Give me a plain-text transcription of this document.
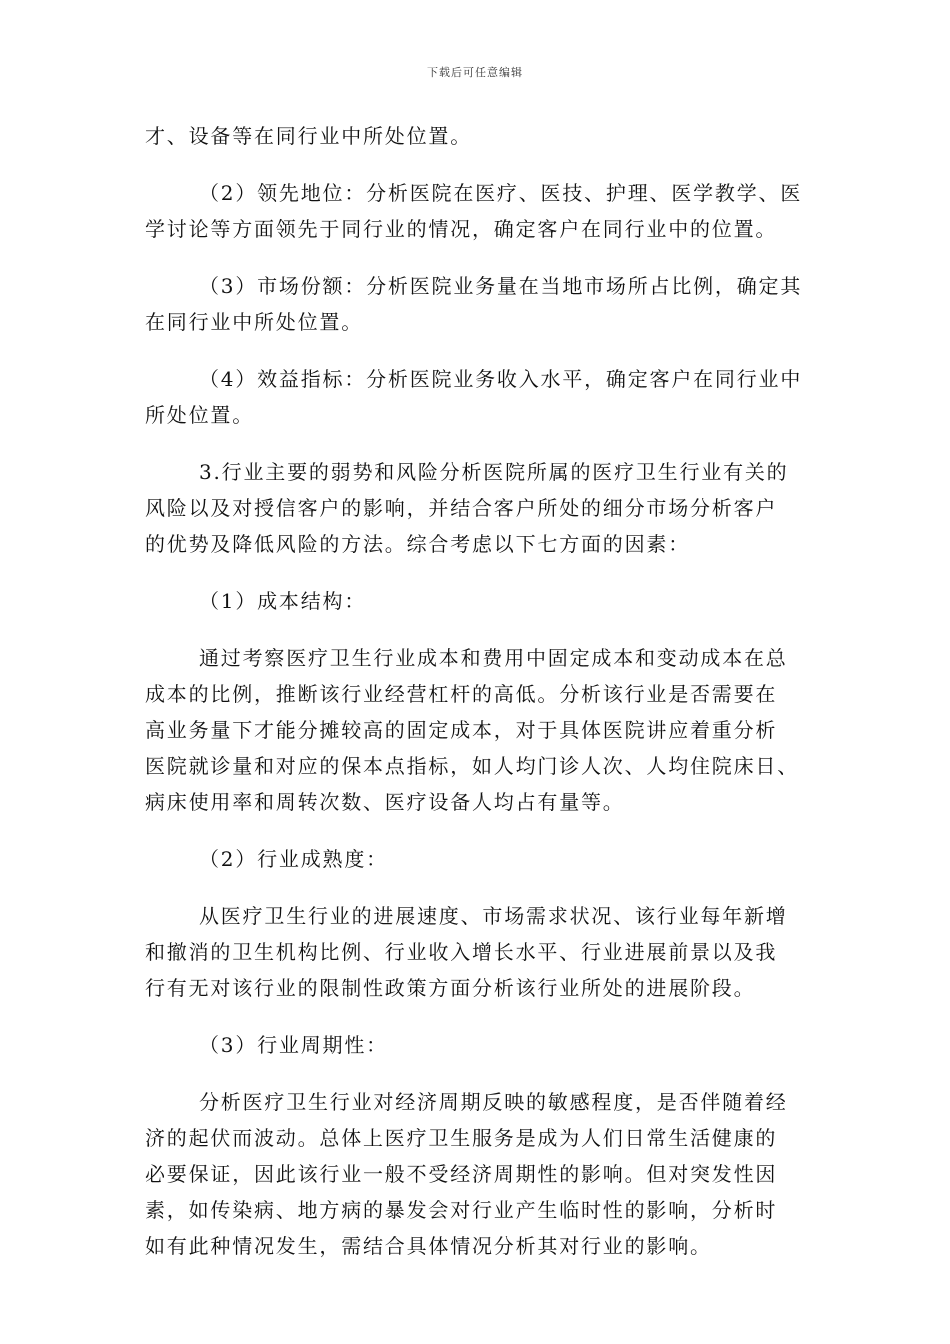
下载后可任意编辑

才、设备等在同行业中所处位置。

（2）领先地位：分析医院在医疗、医技、护理、医学教学、医
学讨论等方面领先于同行业的情况，确定客户在同行业中的位置。

（3）市场份额：分析医院业务量在当地市场所占比例，确定其
在同行业中所处位置。

（4）效益指标：分析医院业务收入水平，确定客户在同行业中
所处位置。

3.行业主要的弱势和风险分析医院所属的医疗卫生行业有关的
风险以及对授信客户的影响，并结合客户所处的细分市场分析客户
的优势及降低风险的方法。综合考虑以下七方面的因素：

（1）成本结构：

通过考察医疗卫生行业成本和费用中固定成本和变动成本在总
成本的比例，推断该行业经营杠杆的高低。分析该行业是否需要在
高业务量下才能分摊较高的固定成本，对于具体医院讲应着重分析
医院就诊量和对应的保本点指标，如人均门诊人次、人均住院床日、
病床使用率和周转次数、医疗设备人均占有量等。

（2）行业成熟度：

从医疗卫生行业的进展速度、市场需求状况、该行业每年新增
和撤消的卫生机构比例、行业收入增长水平、行业进展前景以及我
行有无对该行业的限制性政策方面分析该行业所处的进展阶段。

（3）行业周期性：

分析医疗卫生行业对经济周期反映的敏感程度，是否伴随着经
济的起伏而波动。总体上医疗卫生服务是成为人们日常生活健康的
必要保证，因此该行业一般不受经济周期性的影响。但对突发性因
素，如传染病、地方病的暴发会对行业产生临时性的影响，分析时
如有此种情况发生，需结合具体情况分析其对行业的影响。
